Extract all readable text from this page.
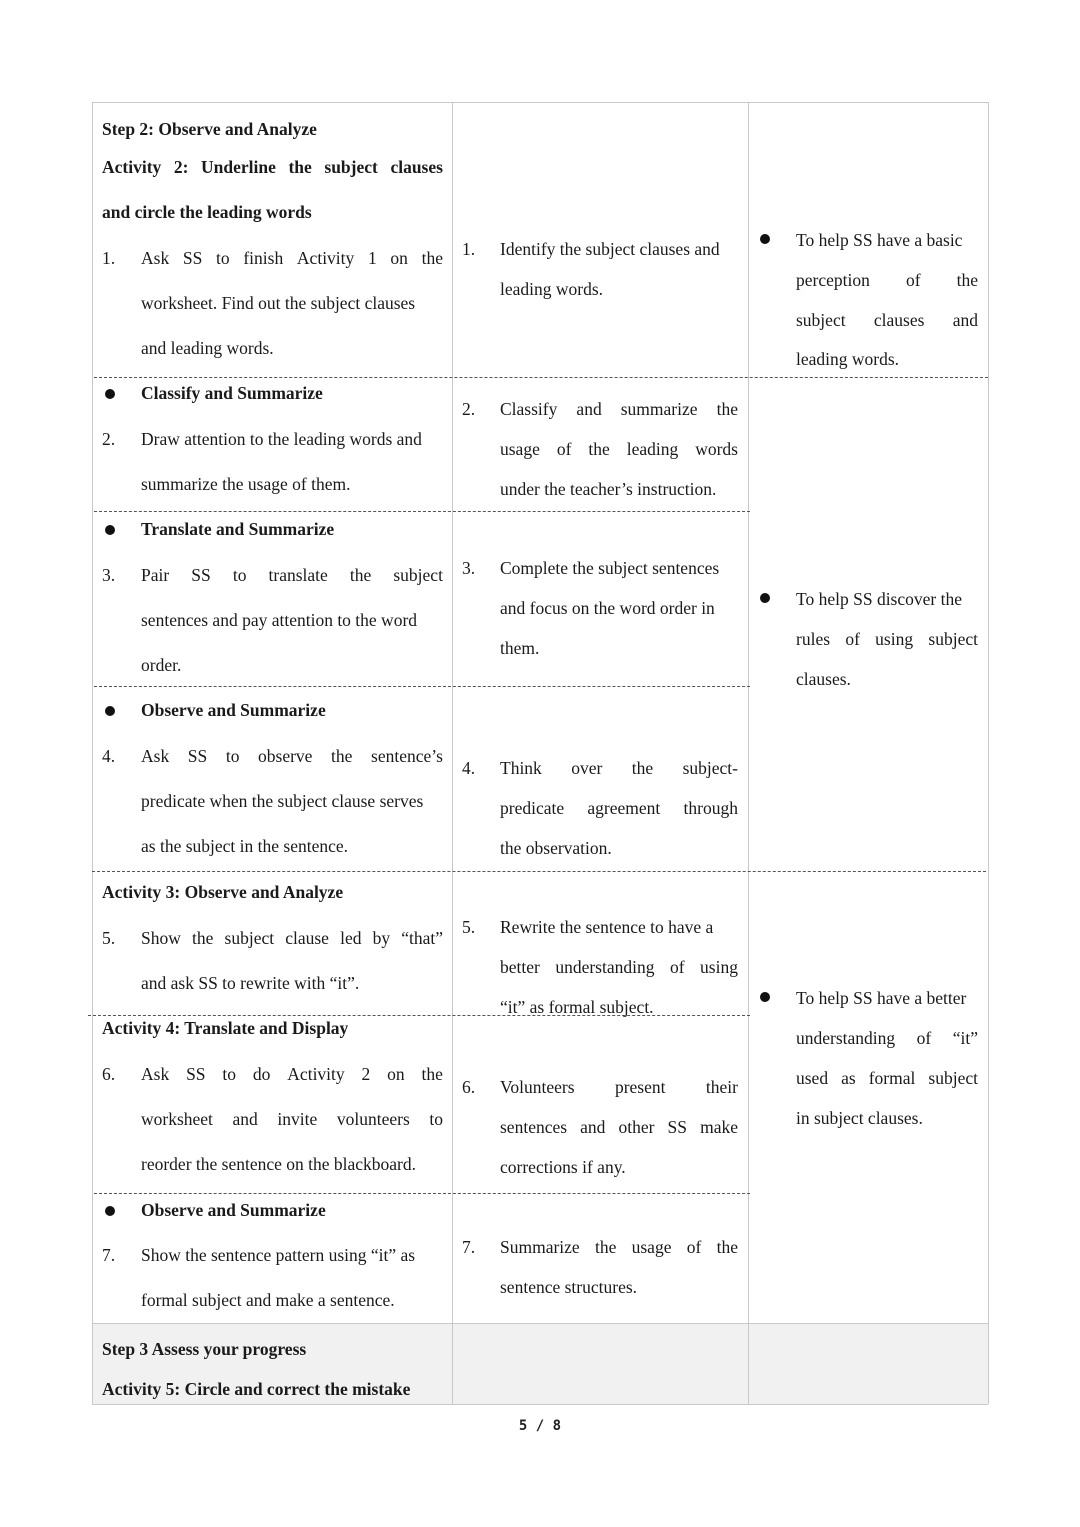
Step 2: Observe and Analyze
Activity 2: Underline the subject clauses
and circle the leading words
1. Ask SS to finish Activity 1 on the
worksheet. Find out the subject clauses
and leading words.
Classify and Summarize
2. Draw attention to the leading words and
summarize the usage of them.
Translate and Summarize
3. Pair SS to translate the subject
sentences and pay attention to the word
order.
Observe and Summarize
4. Ask SS to observe the sentence’s
predicate when the subject clause serves
as the subject in the sentence.
Activity 3: Observe and Analyze
5. Show the subject clause led by “that”
and ask SS to rewrite with “it”.
Activity 4: Translate and Display
6. Ask SS to do Activity 2 on the
worksheet and invite volunteers to
reorder the sentence on the blackboard.
Observe and Summarize
7. Show the sentence pattern using “it” as
formal subject and make a sentence.
Step 3 Assess your progress
Activity 5: Circle and correct the mistake
1. Identify the subject clauses and
leading words.
2. Classify and summarize the
usage of the leading words
under the teacher’s instruction.
3. Complete the subject sentences
and focus on the word order in
them.
4. Think over the subject-
predicate agreement through
the observation.
5. Rewrite the sentence to have a
better understanding of using
“it” as formal subject.
6. Volunteers present their
sentences and other SS make
corrections if any.
7. Summarize the usage of the
sentence structures.
To help SS have a basic
perception of the
subject clauses and
leading words.
To help SS discover the
rules of using subject
clauses.
To help SS have a better
understanding of “it”
used as formal subject
in subject clauses.
5 / 8
